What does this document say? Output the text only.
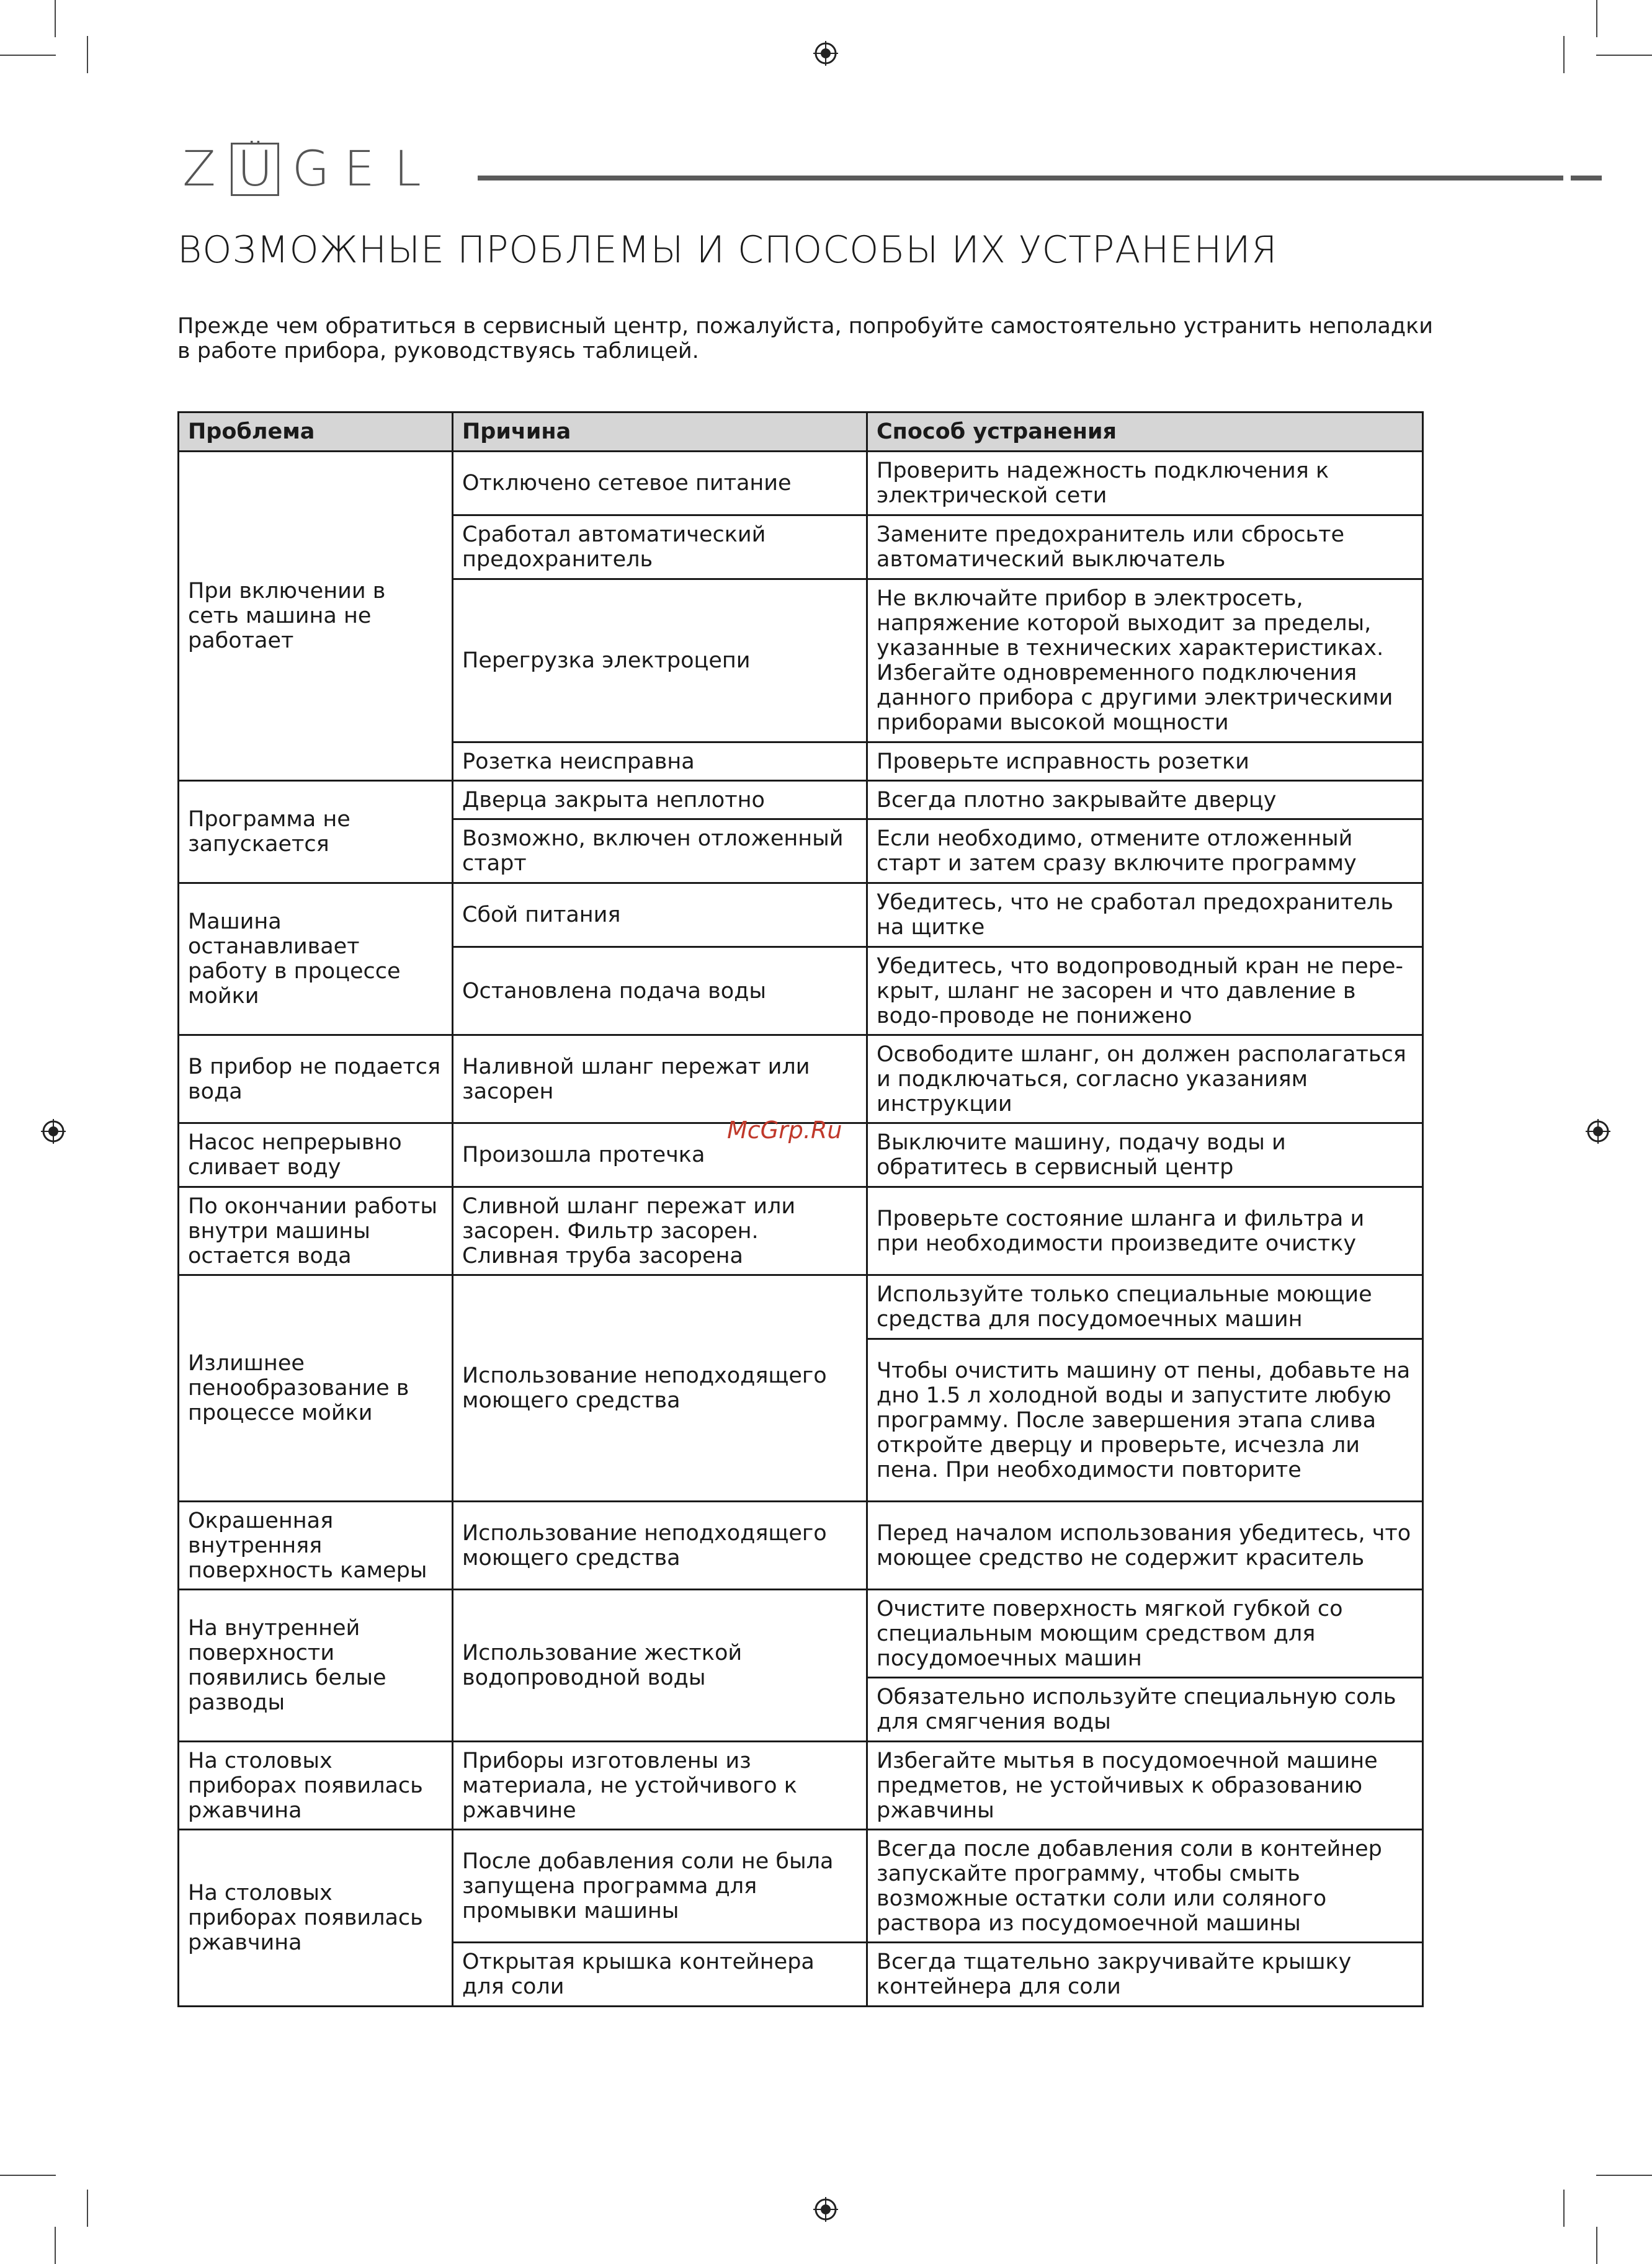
Z Ü G E L
ВОЗМОЖНЫЕ ПРОБЛЕМЫ И СПОСОБЫ ИХ УСТРАНЕНИЯ

Прежде чем обратиться в сервисный центр, пожалуйста, попробуйте самостоятельно устранить неполадки в работе прибора, руководствуясь таблицей.

Проблема	Причина	Способ устранения
При включении в сеть машина не работает	Отключено сетевое питание	Проверить надежность подключения к электрической сети
	Сработал автоматический предохранитель	Замените предохранитель или сбросьте автоматический выключатель
	Перегрузка электроцепи	Не включайте прибор в электросеть, напряжение которой выходит за пределы, указанные в технических характеристиках. Избегайте одновременного подключения данного прибора с другими электрическими приборами высокой мощности
	Розетка неисправна	Проверьте исправность розетки
Программа не запускается	Дверца закрыта неплотно	Всегда плотно закрывайте дверцу
	Возможно, включен отложенный старт	Если необходимо, отмените отложенный старт и затем сразу включите программу
Машина останавливает работу в процессе мойки	Сбой питания	Убедитесь, что не сработал предохранитель на щитке
	Остановлена подача воды	Убедитесь, что водопроводный кран не пере-крыт, шланг не засорен и что давление в водо-проводе не понижено
В прибор не подается вода	Наливной шланг пережат или засорен	Освободите шланг, он должен располагаться и подключаться, согласно указаниям инструкции
Насос непрерывно сливает воду	Произошла протечка	Выключите машину, подачу воды и обратитесь в сервисный центр
По окончании работы внутри машины остается вода	Сливной шланг пережат или засорен. Фильтр засорен. Сливная труба засорена	Проверьте состояние шланга и фильтра и при необходимости произведите очистку
Излишнее пенообразование в процессе мойки	Использование неподходящего моющего средства	Используйте только специальные моющие средства для посудомоечных машин
		Чтобы очистить машину от пены, добавьте на дно 1.5 л холодной воды и запустите любую программу. После завершения этапа слива откройте дверцу и проверьте, исчезла ли пена. При необходимости повторите
Окрашенная внутренняя поверхность камеры	Использование неподходящего моющего средства	Перед началом использования убедитесь, что моющее средство не содержит краситель
На внутренней поверхности появились белые разводы	Использование жесткой водопроводной воды	Очистите поверхность мягкой губкой со специальным моющим средством для посудомоечных машин
		Обязательно используйте специальную соль для смягчения воды
На столовых приборах появилась ржавчина	Приборы изготовлены из материала, не устойчивого к ржавчине	Избегайте мытья в посудомоечной машине предметов, не устойчивых к образованию ржавчины
На столовых приборах появилась ржавчина	После добавления соли не была запущена программа для промывки машины	Всегда после добавления соли в контейнер запускайте программу, чтобы смыть возможные остатки соли или соляного раствора из посудомоечной машины
	Открытая крышка контейнера для соли	Всегда тщательно закручивайте крышку контейнера для соли
McGrp.Ru
